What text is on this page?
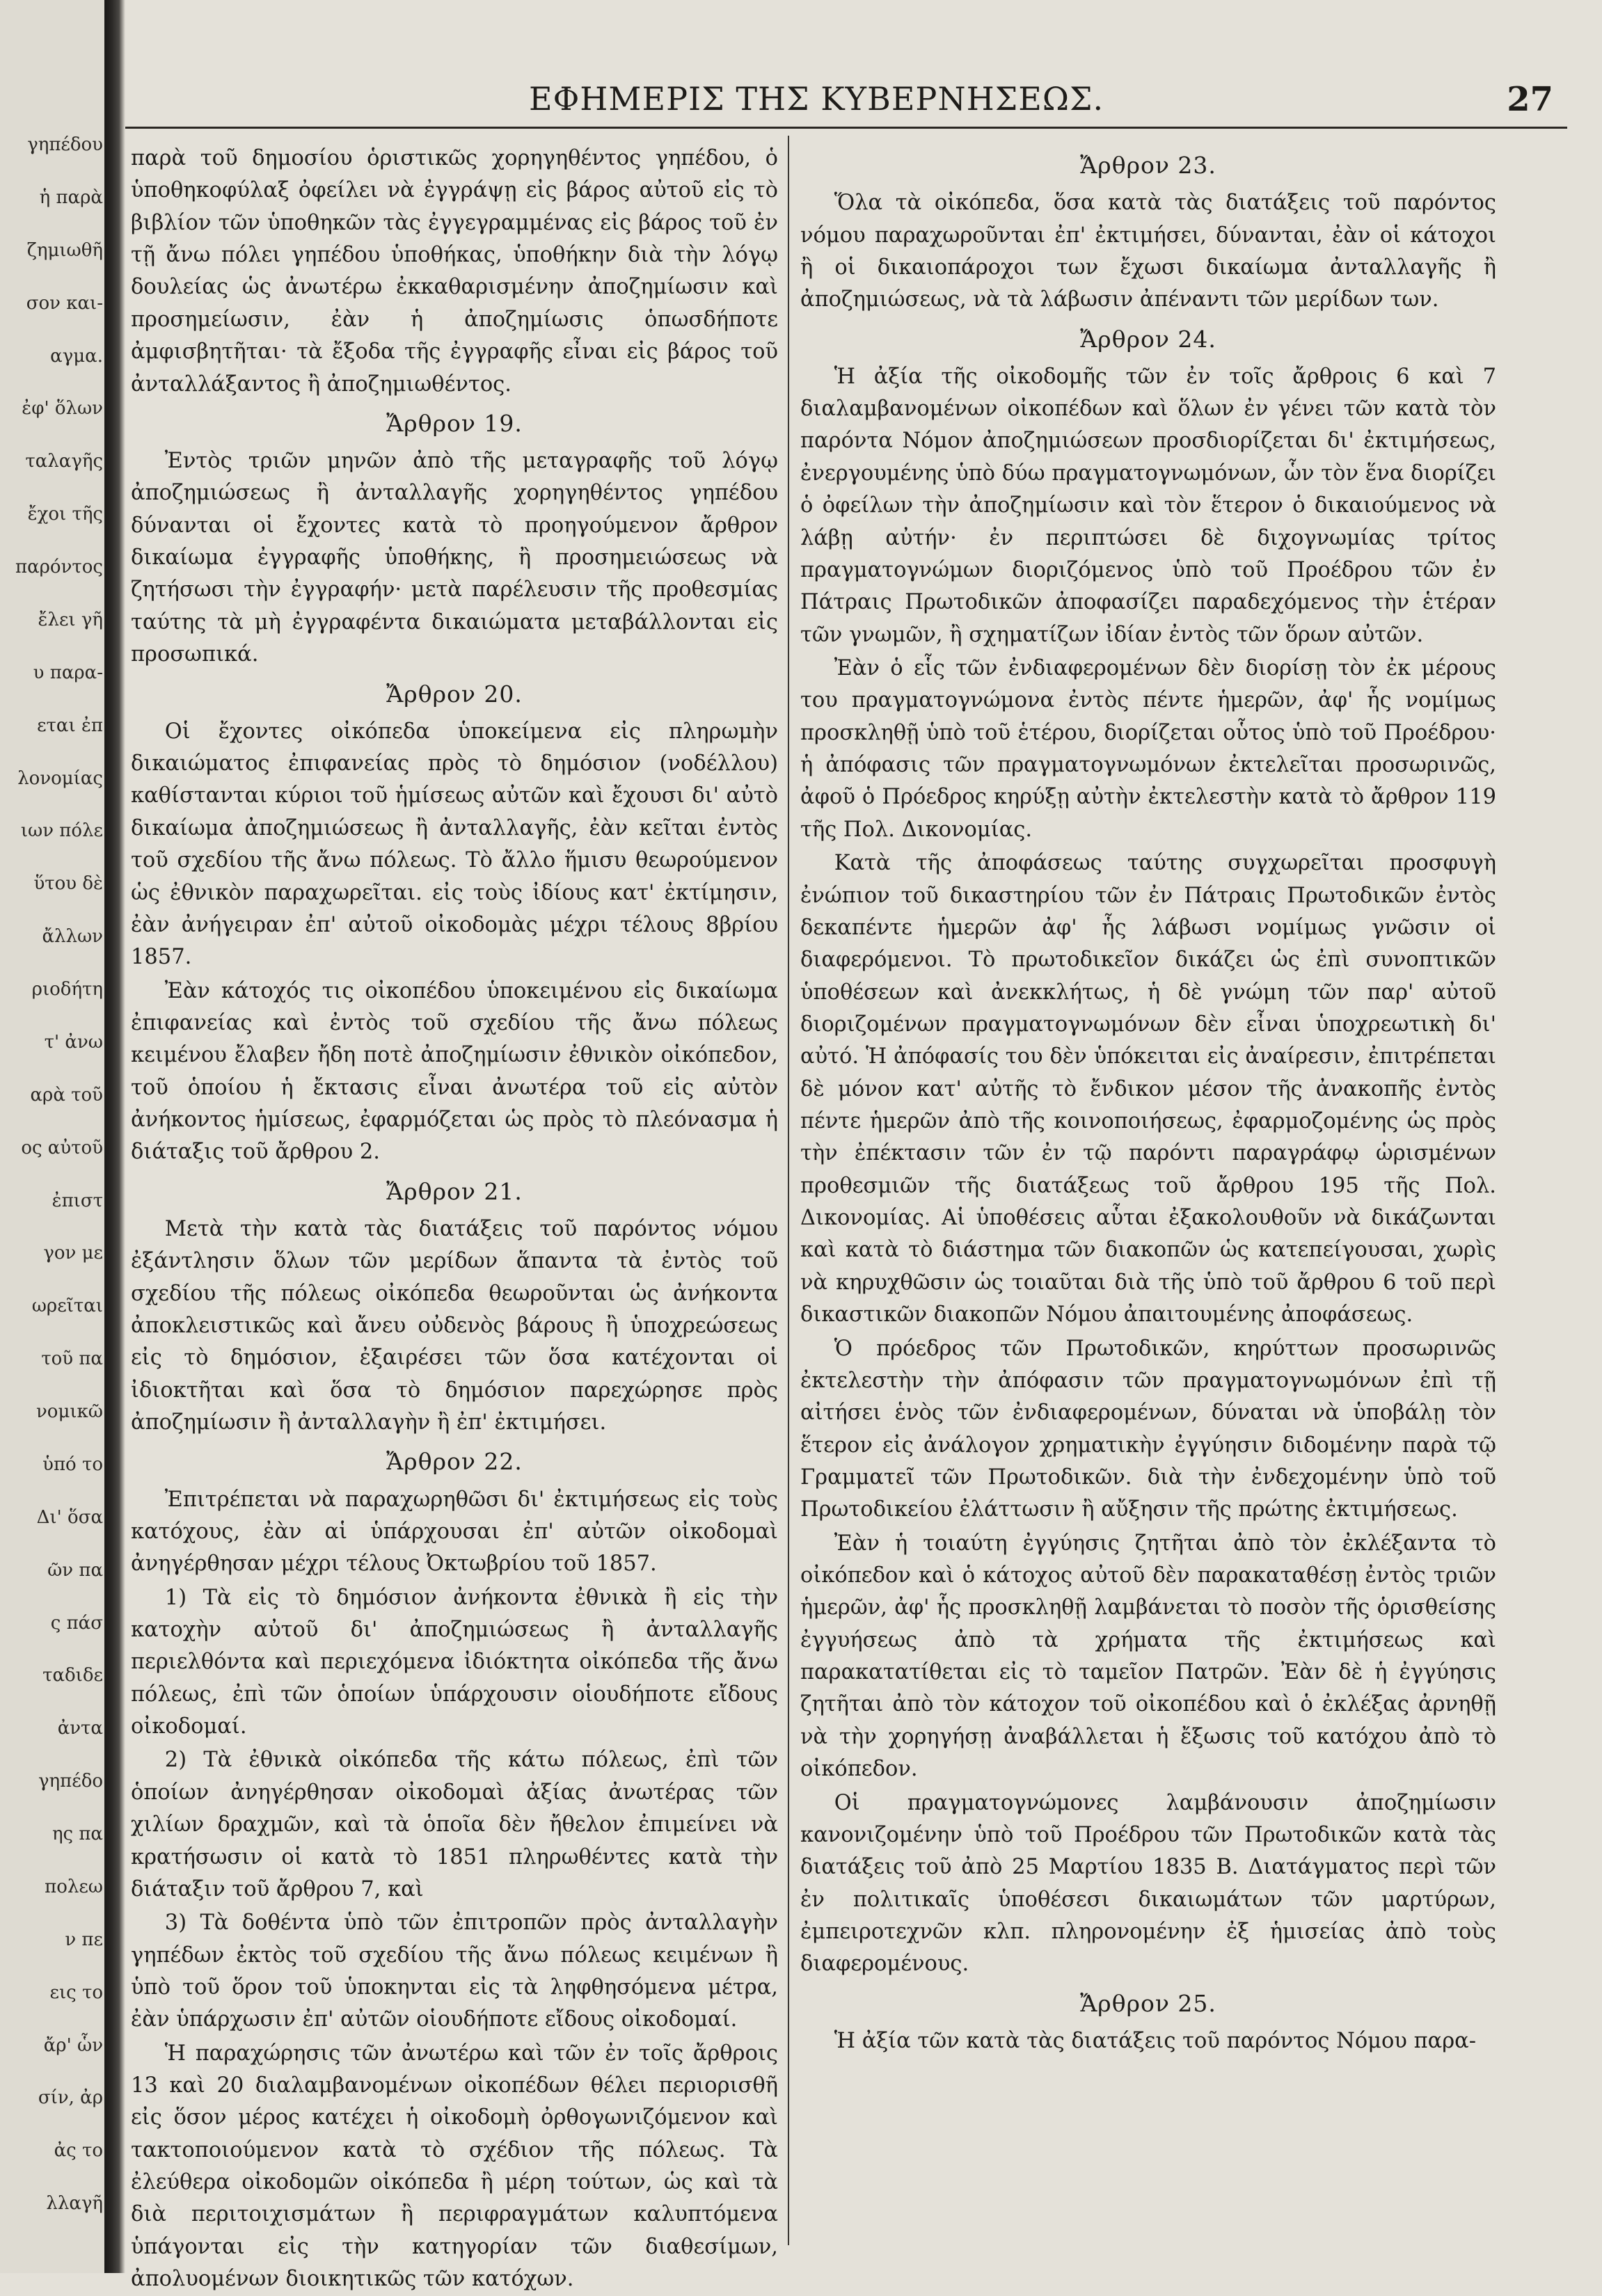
γηπέδου
ἡ παρὰ
ζημιωθῆ
σον και-
αγμα.
ἐφ' ὅλων
ταλαγῆς
ἔχοι τῆς
παρόντος
ἔλει γῆ
υ παρα-
εται ἐπ
λονομίας
ιων πόλε
ὕτου δὲ
ἄλλων
ριοδήτη
τ' ἀνω
αρὰ τοῦ
ος αὐτοῦ
ἐπιστ
γον με
ωρεῖται
τοῦ πα
νομικῶ
ὑπό το
Δι' ὅσα
ῶν πα
ς πάσ
ταδιδε
ἀντα
γηπέδο
ης πα
πολεω
ν πε
εις το
ἄρ' ὧν
σίν, ἀρ
ἀς το
λλαγῆ
ΕΦΗΜΕΡΙΣ ΤΗΣ ΚΥΒΕΡΝΗΣΕΩΣ.	27

παρὰ τοῦ δημοσίου ὁριστικῶς χορηγηθέντος γηπέδου, ὁ ὑποθηκοφύλαξ ὀφείλει νὰ ἐγγράψῃ εἰς βάρος αὐτοῦ εἰς τὸ βιβλίον τῶν ὑποθηκῶν τὰς ἐγγεγραμμένας εἰς βάρος τοῦ ἐν τῇ ἄνω πόλει γηπέδου ὑποθήκας, ὑποθήκην διὰ τὴν λόγῳ δουλείας ὡς ἀνωτέρω ἐκκαθαρισμένην ἀποζημίωσιν καὶ προσημείωσιν, ἐὰν ἡ ἀποζημίωσις ὁπωσδήποτε ἀμφισβητῆται· τὰ ἔξοδα τῆς ἐγγραφῆς εἶναι εἰς βάρος τοῦ ἀνταλλάξαντος ἢ ἀποζημιωθέντος.

Ἄρθρον 19.

Ἐντὸς τριῶν μηνῶν ἀπὸ τῆς μεταγραφῆς τοῦ λόγῳ ἀποζημιώσεως ἢ ἀνταλλαγῆς χορηγηθέντος γηπέδου δύνανται οἱ ἔχοντες κατὰ τὸ προηγούμενον ἄρθρον δικαίωμα ἐγγραφῆς ὑποθήκης, ἢ προσημειώσεως νὰ ζητήσωσι τὴν ἐγγραφήν· μετὰ παρέλευσιν τῆς προθεσμίας ταύτης τὰ μὴ ἐγγραφέντα δικαιώματα μεταβάλλονται εἰς προσωπικά.

Ἄρθρον 20.

Οἱ ἔχοντες οἰκόπεδα ὑποκείμενα εἰς πληρωμὴν δικαιώματος ἐπιφανείας πρὸς τὸ δημόσιον (νοδέλλου) καθίστανται κύριοι τοῦ ἡμίσεως αὐτῶν καὶ ἔχουσι δι' αὐτὸ δικαίωμα ἀποζημιώσεως ἢ ἀνταλλαγῆς, ἐὰν κεῖται ἐντὸς τοῦ σχεδίου τῆς ἄνω πόλεως. Τὸ ἄλλο ἥμισυ θεωρούμενον ὡς ἐθνικὸν παραχωρεῖται. εἰς τοὺς ἰδίους κατ' ἐκτίμησιν, ἐὰν ἀνήγειραν ἐπ' αὐτοῦ οἰκοδομὰς μέχρι τέλους 8βρίου 1857.

Ἐὰν κάτοχός τις οἰκοπέδου ὑποκειμένου εἰς δικαίωμα ἐπιφανείας καὶ ἐντὸς τοῦ σχεδίου τῆς ἄνω πόλεως κειμένου ἔλαβεν ἤδη ποτὲ ἀποζημίωσιν ἐθνικὸν οἰκόπεδον, τοῦ ὁποίου ἡ ἔκτασις εἶναι ἀνωτέρα τοῦ εἰς αὐτὸν ἀνήκοντος ἡμίσεως, ἐφαρμόζεται ὡς πρὸς τὸ πλεόνασμα ἡ διάταξις τοῦ ἄρθρου 2.

Ἄρθρον 21.

Μετὰ τὴν κατὰ τὰς διατάξεις τοῦ παρόντος νόμου ἐξάντλησιν ὅλων τῶν μερίδων ἅπαντα τὰ ἐντὸς τοῦ σχεδίου τῆς πόλεως οἰκόπεδα θεωροῦνται ὡς ἀνήκοντα ἀποκλειστικῶς καὶ ἄνευ οὐδενὸς βάρους ἢ ὑποχρεώσεως εἰς τὸ δημόσιον, ἐξαιρέσει τῶν ὅσα κατέχονται οἱ ἰδιοκτῆται καὶ ὅσα τὸ δημόσιον παρεχώρησε πρὸς ἀποζημίωσιν ἢ ἀνταλλαγὴν ἢ ἐπ' ἐκτιμήσει.

Ἄρθρον 22.

Ἐπιτρέπεται νὰ παραχωρηθῶσι δι' ἐκτιμήσεως εἰς τοὺς κατόχους, ἐὰν αἱ ὑπάρχουσαι ἐπ' αὐτῶν οἰκοδομαὶ ἀνηγέρθησαν μέχρι τέλους Ὀκτωβρίου τοῦ 1857.

1) Τὰ εἰς τὸ δημόσιον ἀνήκοντα ἐθνικὰ ἢ εἰς τὴν κατοχὴν αὐτοῦ δι' ἀποζημιώσεως ἢ ἀνταλλαγῆς περιελθόντα καὶ περιεχόμενα ἰδιόκτητα οἰκόπεδα τῆς ἄνω πόλεως, ἐπὶ τῶν ὁποίων ὑπάρχουσιν οἱουδήποτε εἴδους οἰκοδομαί.

2) Τὰ ἐθνικὰ οἰκόπεδα τῆς κάτω πόλεως, ἐπὶ τῶν ὁποίων ἀνηγέρθησαν οἰκοδομαὶ ἀξίας ἀνωτέρας τῶν χιλίων δραχμῶν, καὶ τὰ ὁποῖα δὲν ἤθελον ἐπιμείνει νὰ κρατήσωσιν οἱ κατὰ τὸ 1851 πληρωθέντες κατὰ τὴν διάταξιν τοῦ ἄρθρου 7, καὶ

3) Τὰ δοθέντα ὑπὸ τῶν ἐπιτροπῶν πρὸς ἀνταλλαγὴν γηπέδων ἐκτὸς τοῦ σχεδίου τῆς ἄνω πόλεως κειμένων ἢ ὑπὸ τοῦ ὅρον τοῦ ὑποκηνται εἰς τὰ ληφθησόμενα μέτρα, ἐὰν ὑπάρχωσιν ἐπ' αὐτῶν οἱουδήποτε εἴδους οἰκοδομαί.

Ἡ παραχώρησις τῶν ἀνωτέρω καὶ τῶν ἐν τοῖς ἄρθροις 13 καὶ 20 διαλαμβανομένων οἰκοπέδων θέλει περιορισθῆ εἰς ὅσον μέρος κατέχει ἡ οἰκοδομὴ ὀρθογωνιζόμενον καὶ τακτοποιούμενον κατὰ τὸ σχέδιον τῆς πόλεως. Τὰ ἐλεύθερα οἰκοδομῶν οἰκόπεδα ἢ μέρη τούτων, ὡς καὶ τὰ διὰ περιτοιχισμάτων ἢ περιφραγμάτων καλυπτόμενα ὑπάγονται εἰς τὴν κατηγορίαν τῶν διαθεσίμων, ἀπολυομένων διοικητικῶς τῶν κατόχων.

Ἄρθρον 23.

Ὅλα τὰ οἰκόπεδα, ὅσα κατὰ τὰς διατάξεις τοῦ παρόντος νόμου παραχωροῦνται ἐπ' ἐκτιμήσει, δύνανται, ἐὰν οἱ κάτοχοι ἢ οἱ δικαιοπάροχοι των ἔχωσι δικαίωμα ἀνταλλαγῆς ἢ ἀποζημιώσεως, νὰ τὰ λάβωσιν ἀπέναντι τῶν μερίδων των.

Ἄρθρον 24.

Ἡ ἀξία τῆς οἰκοδομῆς τῶν ἐν τοῖς ἄρθροις 6 καὶ 7 διαλαμβανομένων οἰκοπέδων καὶ ὅλων ἐν γένει τῶν κατὰ τὸν παρόντα Νόμον ἀποζημιώσεων προσδιορίζεται δι' ἐκτιμήσεως, ἐνεργουμένης ὑπὸ δύω πραγματογνωμόνων, ὧν τὸν ἕνα διορίζει ὁ ὀφείλων τὴν ἀποζημίωσιν καὶ τὸν ἕτερον ὁ δικαιούμενος νὰ λάβῃ αὐτήν· ἐν περιπτώσει δὲ διχογνωμίας τρίτος πραγματογνώμων διοριζόμενος ὑπὸ τοῦ Προέδρου τῶν ἐν Πάτραις Πρωτοδικῶν ἀποφασίζει παραδεχόμενος τὴν ἑτέραν τῶν γνωμῶν, ἢ σχηματίζων ἰδίαν ἐντὸς τῶν ὅρων αὐτῶν.

Ἐὰν ὁ εἷς τῶν ἐνδιαφερομένων δὲν διορίσῃ τὸν ἐκ μέρους του πραγματογνώμονα ἐντὸς πέντε ἡμερῶν, ἀφ' ἧς νομίμως προσκληθῇ ὑπὸ τοῦ ἑτέρου, διορίζεται οὗτος ὑπὸ τοῦ Προέδρου· ἡ ἀπόφασις τῶν πραγματογνωμόνων ἐκτελεῖται προσωρινῶς, ἀφοῦ ὁ Πρόεδρος κηρύξῃ αὐτὴν ἐκτελεστὴν κατὰ τὸ ἄρθρον 119 τῆς Πολ. Δικονομίας.

Κατὰ τῆς ἀποφάσεως ταύτης συγχωρεῖται προσφυγὴ ἐνώπιον τοῦ δικαστηρίου τῶν ἐν Πάτραις Πρωτοδικῶν ἐντὸς δεκαπέντε ἡμερῶν ἀφ' ἧς λάβωσι νομίμως γνῶσιν οἱ διαφερόμενοι. Τὸ πρωτοδικεῖον δικάζει ὡς ἐπὶ συνοπτικῶν ὑποθέσεων καὶ ἀνεκκλήτως, ἡ δὲ γνώμη τῶν παρ' αὐτοῦ διοριζομένων πραγματογνωμόνων δὲν εἶναι ὑποχρεωτικὴ δι' αὐτό. Ἡ ἀπόφασίς του δὲν ὑπόκειται εἰς ἀναίρεσιν, ἐπιτρέπεται δὲ μόνον κατ' αὐτῆς τὸ ἔνδικον μέσον τῆς ἀνακοπῆς ἐντὸς πέντε ἡμερῶν ἀπὸ τῆς κοινοποιήσεως, ἐφαρμοζομένης ὡς πρὸς τὴν ἐπέκτασιν τῶν ἐν τῷ παρόντι παραγράφῳ ὡρισμένων προθεσμιῶν τῆς διατάξεως τοῦ ἄρθρου 195 τῆς Πολ. Δικονομίας. Αἱ ὑποθέσεις αὗται ἐξακολουθοῦν νὰ δικάζωνται καὶ κατὰ τὸ διάστημα τῶν διακοπῶν ὡς κατεπείγουσαι, χωρὶς νὰ κηρυχθῶσιν ὡς τοιαῦται διὰ τῆς ὑπὸ τοῦ ἄρθρου 6 τοῦ περὶ δικαστικῶν διακοπῶν Νόμου ἀπαιτουμένης ἀποφάσεως.

Ὁ πρόεδρος τῶν Πρωτοδικῶν, κηρύττων προσωρινῶς ἐκτελεστὴν τὴν ἀπόφασιν τῶν πραγματογνωμόνων ἐπὶ τῇ αἰτήσει ἑνὸς τῶν ἐνδιαφερομένων, δύναται νὰ ὑποβάλῃ τὸν ἕτερον εἰς ἀνάλογον χρηματικὴν ἐγγύησιν διδομένην παρὰ τῷ Γραμματεῖ τῶν Πρωτοδικῶν. διὰ τὴν ἐνδεχομένην ὑπὸ τοῦ Πρωτοδικείου ἐλάττωσιν ἢ αὔξησιν τῆς πρώτης ἐκτιμήσεως.

Ἐὰν ἡ τοιαύτη ἐγγύησις ζητῆται ἀπὸ τὸν ἐκλέξαντα τὸ οἰκόπεδον καὶ ὁ κάτοχος αὐτοῦ δὲν παρακαταθέσῃ ἐντὸς τριῶν ἡμερῶν, ἀφ' ἧς προσκληθῇ λαμβάνεται τὸ ποσὸν τῆς ὁρισθείσης ἐγγυήσεως ἀπὸ τὰ χρήματα τῆς ἐκτιμήσεως καὶ παρακατατίθεται εἰς τὸ ταμεῖον Πατρῶν. Ἐὰν δὲ ἡ ἐγγύησις ζητῆται ἀπὸ τὸν κάτοχον τοῦ οἰκοπέδου καὶ ὁ ἐκλέξας ἀρνηθῇ νὰ τὴν χορηγήσῃ ἀναβάλλεται ἡ ἔξωσις τοῦ κατόχου ἀπὸ τὸ οἰκόπεδον.

Οἱ πραγματογνώμονες λαμβάνουσιν ἀποζημίωσιν κανονιζομένην ὑπὸ τοῦ Προέδρου τῶν Πρωτοδικῶν κατὰ τὰς διατάξεις τοῦ ἀπὸ 25 Μαρτίου 1835 Β. Διατάγματος περὶ τῶν ἐν πολιτικαῖς ὑποθέσεσι δικαιωμάτων τῶν μαρτύρων, ἐμπειροτεχνῶν κλπ. πληρονομένην ἐξ ἡμισείας ἀπὸ τοὺς διαφερομένους.

Ἄρθρον 25.

Ἡ ἀξία τῶν κατὰ τὰς διατάξεις τοῦ παρόντος Νόμου παρα-
